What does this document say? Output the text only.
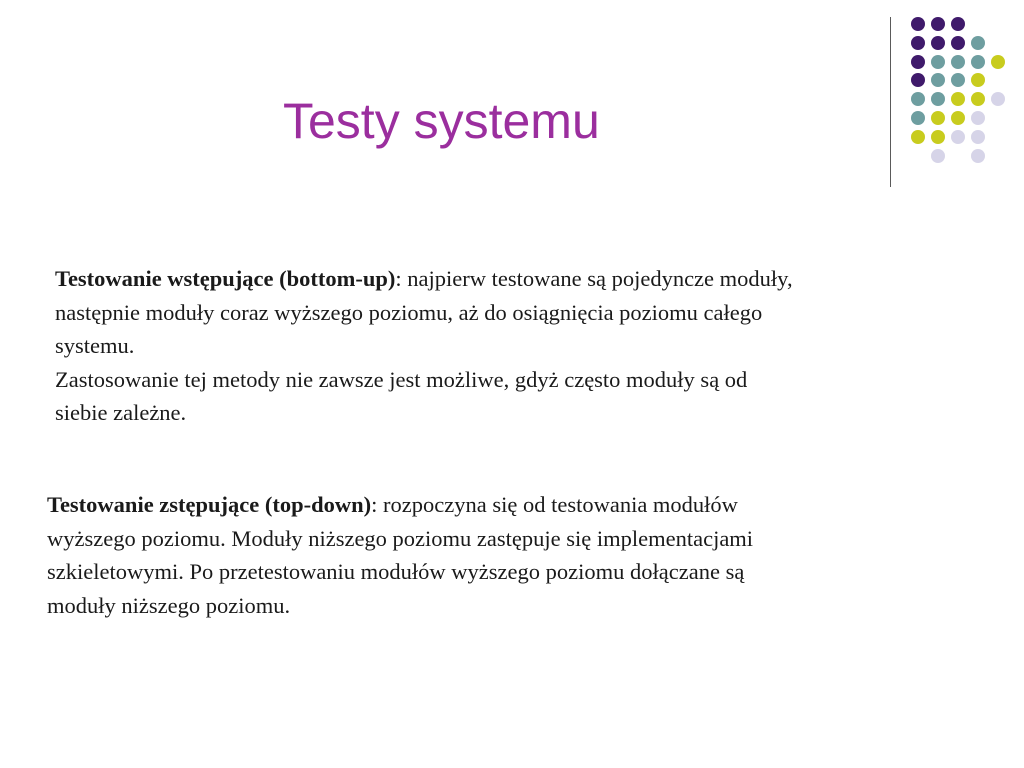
Testy systemu

Testowanie wstępujące (bottom-up): najpierw testowane są pojedyncze moduły,
następnie moduły coraz wyższego poziomu, aż do osiągnięcia poziomu całego
systemu.
Zastosowanie tej metody nie zawsze jest możliwe, gdyż często moduły są od
siebie zależne.

Testowanie zstępujące (top-down): rozpoczyna się od testowania modułów
wyższego poziomu. Moduły niższego poziomu zastępuje się implementacjami
szkieletowymi. Po przetestowaniu modułów wyższego poziomu dołączane są
moduły niższego poziomu.
